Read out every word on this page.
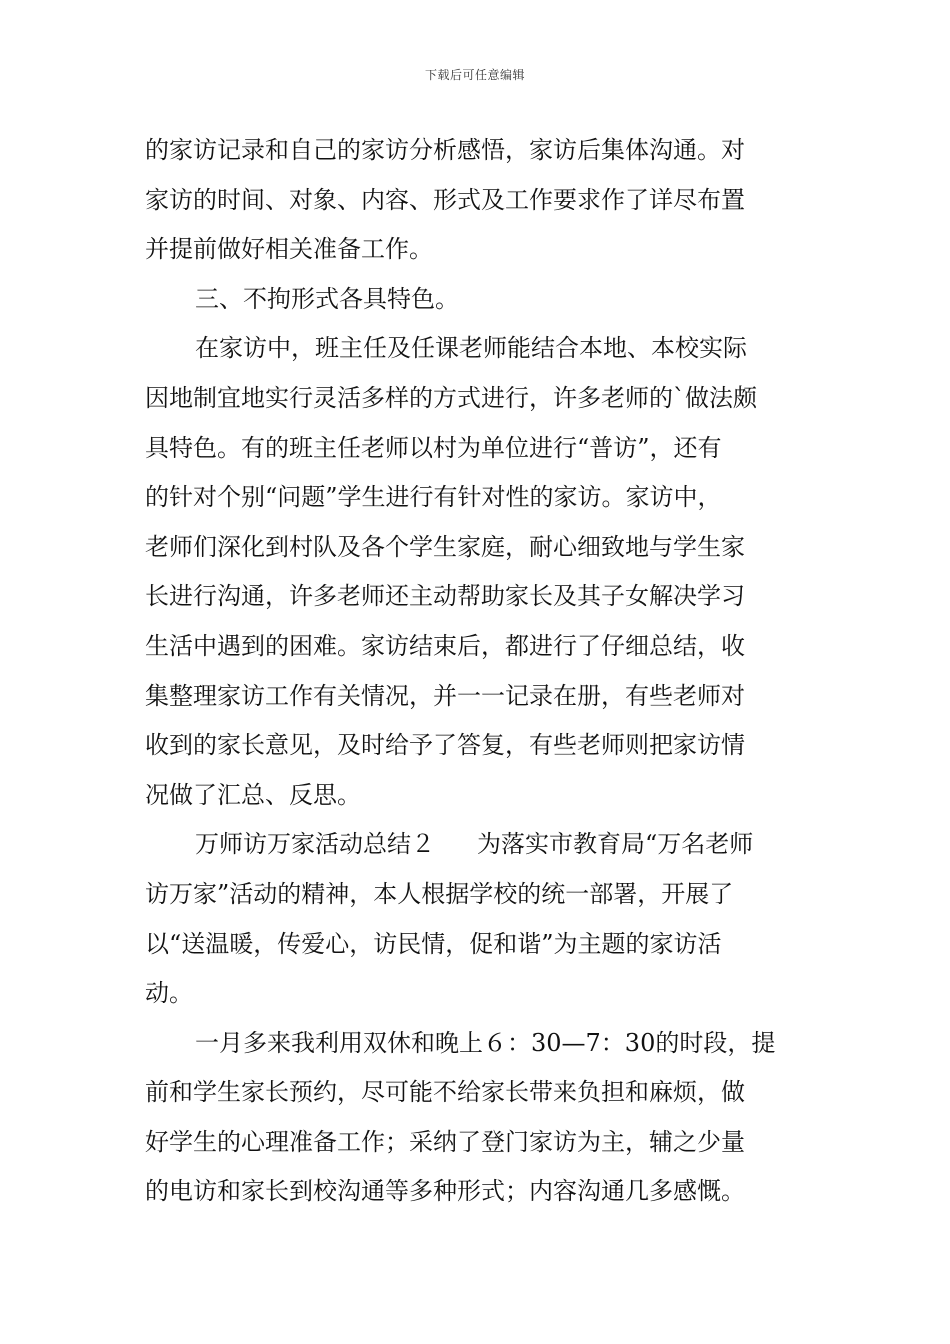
下载后可任意编辑
的家访记录和自己的家访分析感悟，家访后集体沟通。对
家访的时间、对象、内容、形式及工作要求作了详尽布置
并提前做好相关准备工作。
三、不拘形式各具特色。
在家访中，班主任及任课老师能结合本地、本校实际
因地制宜地实行灵活多样的方式进行，许多老师的`做法颇
具特色。有的班主任老师以村为单位进行“普访”，还有
的针对个别“问题”学生进行有针对性的家访。家访中，
老师们深化到村队及各个学生家庭，耐心细致地与学生家
长进行沟通，许多老师还主动帮助家长及其子女解决学习
生活中遇到的困难。家访结束后，都进行了仔细总结，收
集整理家访工作有关情况，并一一记录在册，有些老师对
收到的家长意见，及时给予了答复，有些老师则把家访情
况做了汇总、反思。
万师访万家活动总结２ 为落实市教育局“万名老师
访万家”活动的精神，本人根据学校的统一部署，开展了
以“送温暖，传爱心，访民情，促和谐”为主题的家访活
动。
一月多来我利用双休和晚上６：30—7：30的时段，提
前和学生家长预约，尽可能不给家长带来负担和麻烦，做
好学生的心理准备工作；采纳了登门家访为主，辅之少量
的电访和家长到校沟通等多种形式；内容沟通几多感慨。
